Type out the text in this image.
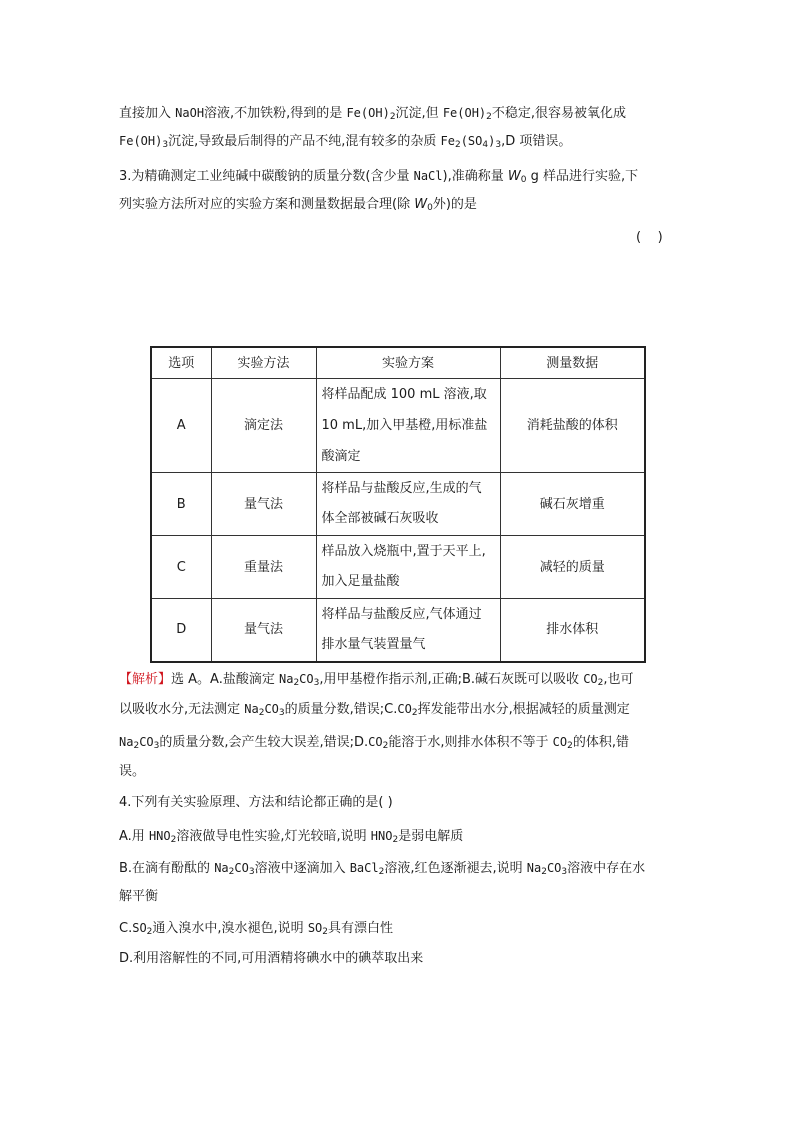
直接加入 NaOH溶液,不加铁粉,得到的是 $Fe(OH)_2$沉淀,但 $Fe(OH)_2$不稳定,很容易被氧化成
$Fe(OH)_3$沉淀,导致最后制得的产品不纯,混有较多的杂质 $Fe_2(SO_4)_3,D$ 项错误。
3.为精确测定工业纯碱中碳酸钠的质量分数(含少量 NaCl),准确称量 $W_0$ g 样品进行实验,下
列实验方法所对应的实验方案和测量数据最合理(除 $W_0$外)的是
(    )
选项	实验方法	实验方案	测量数据
A	滴定法	将样品配成 100 mL 溶液,取
10 mL,加入甲基橙,用标准盐
酸滴定	消耗盐酸的体积
B	量气法	将样品与盐酸反应,生成的气
体全部被碱石灰吸收	碱石灰增重
C	重量法	样品放入烧瓶中,置于天平上,
加入足量盐酸	减轻的质量
D	量气法	将样品与盐酸反应,气体通过
排水量气装置量气	排水体积
【解析】选 A。A.盐酸滴定 $Na_2CO_3$,用甲基橙作指示剂,正确;B.碱石灰既可以吸收 $CO_2$,也可
以吸收水分,无法测定 $Na_2CO_3$的质量分数,错误$;C.CO_2$挥发能带出水分,根据减轻的质量测定
$Na_2CO_3$的质量分数,会产生较大误差,错误$;D.CO_2$能溶于水,则排水体积不等于 $CO_2$的体积,错
误。
4.下列有关实验原理、方法和结论都正确的是( )
A.用 $HNO_2$溶液做导电性实验,灯光较暗,说明 $HNO_2$是弱电解质
B.在滴有酚酞的 $Na_2CO_3$溶液中逐滴加入 BaCl$_2$溶液,红色逐渐褪去,说明 $Na_2CO_3$溶液中存在水
解平衡
$C.SO_2$通入溴水中,溴水褪色,说明 $SO_2$具有漂白性
D.利用溶解性的不同,可用酒精将碘水中的碘萃取出来
